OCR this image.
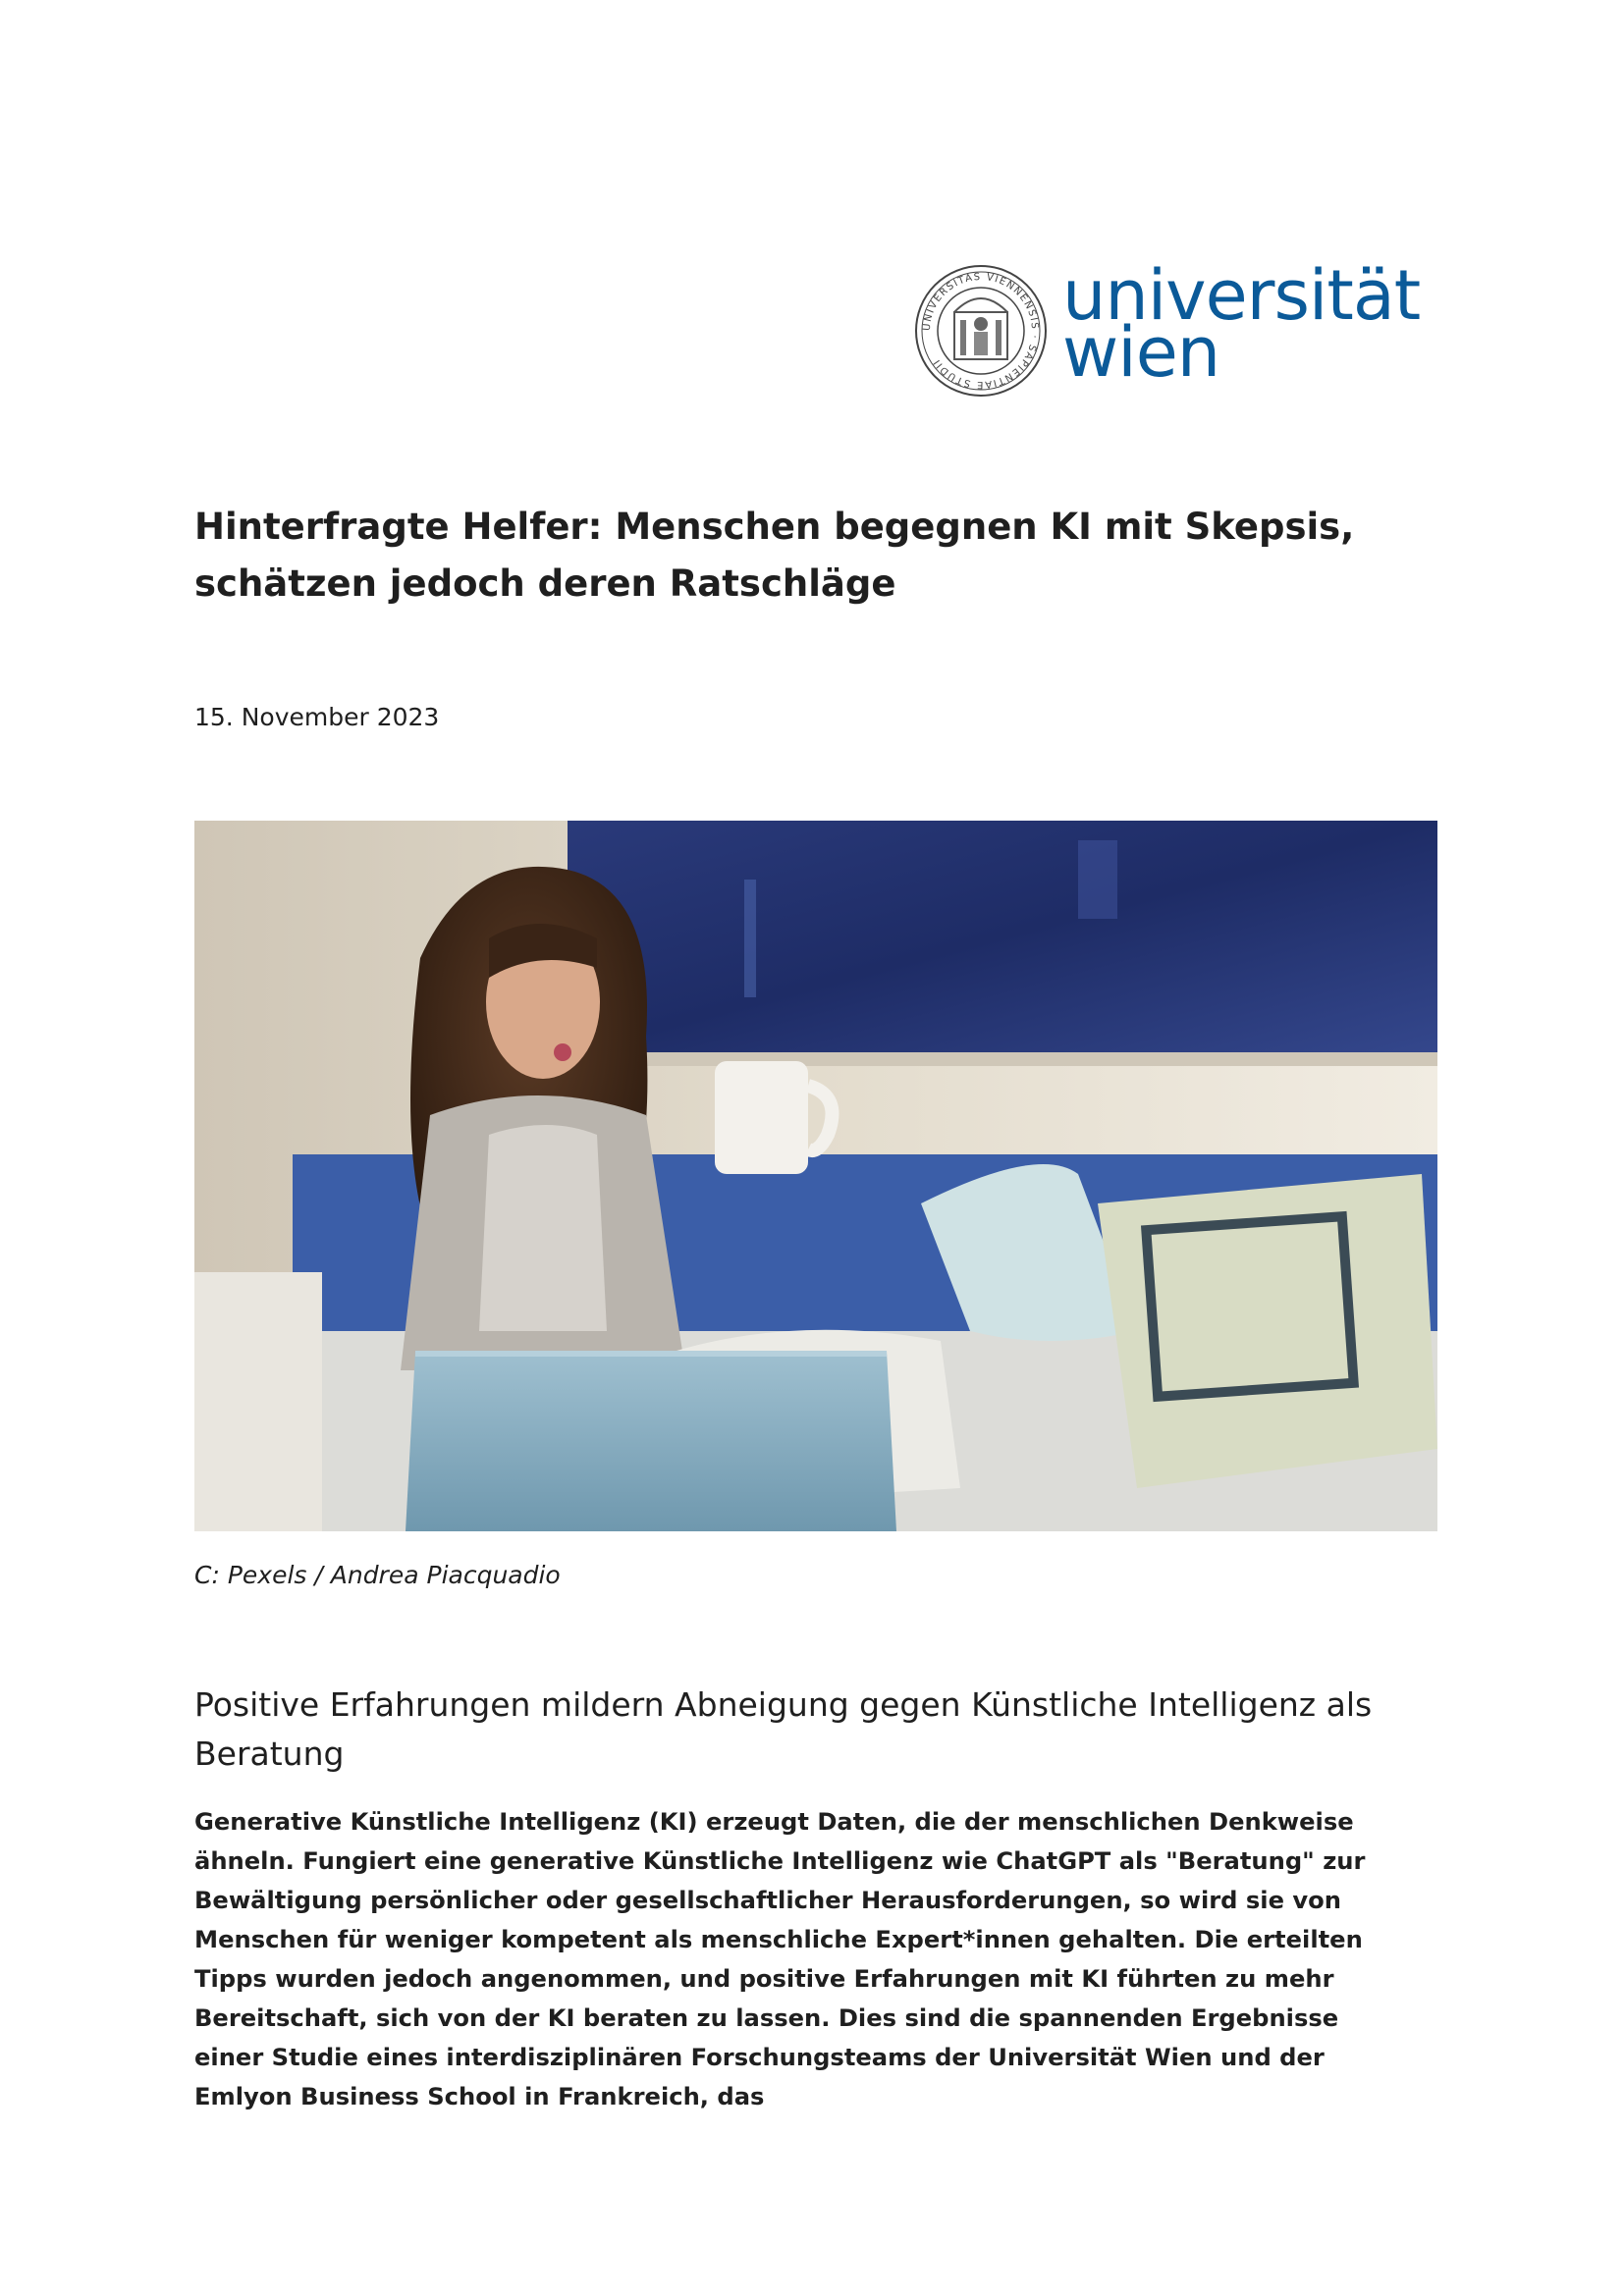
UNIVERSITAS VIENNENSIS · SAPIENTIAE STUDII
universität
wien
Hinterfragte Helfer: Menschen begegnen KI mit Skepsis, schätzen jedoch deren Ratschläge
15. November 2023
C: Pexels / Andrea Piacquadio
Positive Erfahrungen mildern Abneigung gegen Künstliche Intelligenz als Beratung

Generative Künstliche Intelligenz (KI) erzeugt Daten, die der menschlichen Denkweise ähneln. Fungiert eine generative Künstliche Intelligenz wie ChatGPT als "Beratung" zur Bewältigung persönlicher oder gesellschaftlicher Herausforderungen, so wird sie von Menschen für weniger kompetent als menschliche Expert*innen gehalten. Die erteilten Tipps wurden jedoch angenommen, und positive Erfahrungen mit KI führten zu mehr Bereitschaft, sich von der KI beraten zu lassen. Dies sind die spannenden Ergebnisse einer Studie eines interdisziplinären Forschungsteams der Universität Wien und der Emlyon Business School in Frankreich, das
